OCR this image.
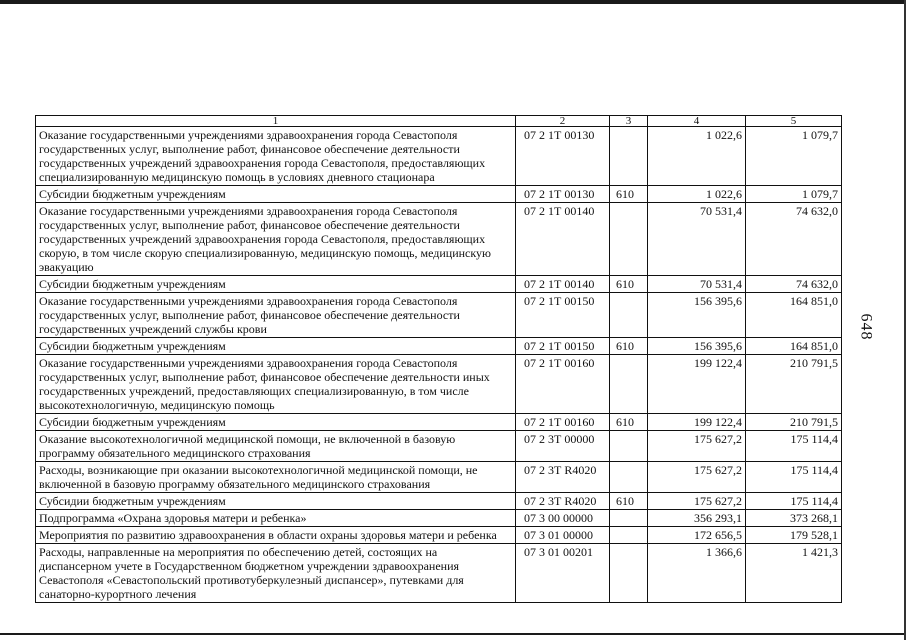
1	2	3	4	5
Оказание государственными учреждениями здравоохранения города Севастополя государственных услуг, выполнение работ, финансовое обеспечение деятельности государственных учреждений здравоохранения города Севастополя, предоставляющих специализированную медицинскую помощь в условиях дневного стационара	07 2 1Т 00130		1 022,6	1 079,7
Субсидии бюджетным учреждениям	07 2 1Т 00130	610	1 022,6	1 079,7
Оказание государственными учреждениями здравоохранения города Севастополя государственных услуг, выполнение работ, финансовое обеспечение деятельности государственных учреждений здравоохранения города Севастополя, предоставляющих скорую, в том числе скорую специализированную, медицинскую помощь, медицинскую эвакуацию	07 2 1Т 00140		70 531,4	74 632,0
Субсидии бюджетным учреждениям	07 2 1Т 00140	610	70 531,4	74 632,0
Оказание государственными учреждениями здравоохранения города Севастополя государственных услуг, выполнение работ, финансовое обеспечение деятельности государственных учреждений службы крови	07 2 1Т 00150		156 395,6	164 851,0
Субсидии бюджетным учреждениям	07 2 1Т 00150	610	156 395,6	164 851,0
Оказание государственными учреждениями здравоохранения города Севастополя государственных услуг, выполнение работ, финансовое обеспечение деятельности иных государственных учреждений, предоставляющих специализированную, в том числе высокотехнологичную, медицинскую помощь	07 2 1Т 00160		199 122,4	210 791,5
Субсидии бюджетным учреждениям	07 2 1Т 00160	610	199 122,4	210 791,5
Оказание высокотехнологичной медицинской помощи, не включенной в базовую программу обязательного медицинского страхования	07 2 3Т 00000		175 627,2	175 114,4
Расходы, возникающие при оказании высокотехнологичной медицинской помощи, не включенной в базовую программу обязательного медицинского страхования	07 2 3Т R4020		175 627,2	175 114,4
Субсидии бюджетным учреждениям	07 2 3Т R4020	610	175 627,2	175 114,4
Подпрограмма «Охрана здоровья матери и ребенка»	07 3 00 00000		356 293,1	373 268,1
Мероприятия по развитию здравоохранения в области охраны здоровья матери и ребенка	07 3 01 00000		172 656,5	179 528,1
Расходы, направленные на мероприятия по обеспечению детей, состоящих на диспансерном учете в Государственном бюджетном учреждении здравоохранения Севастополя «Севастопольский противотуберкулезный диспансер», путевками для санаторно-курортного лечения	07 3 01 00201		1 366,6	1 421,3
648
